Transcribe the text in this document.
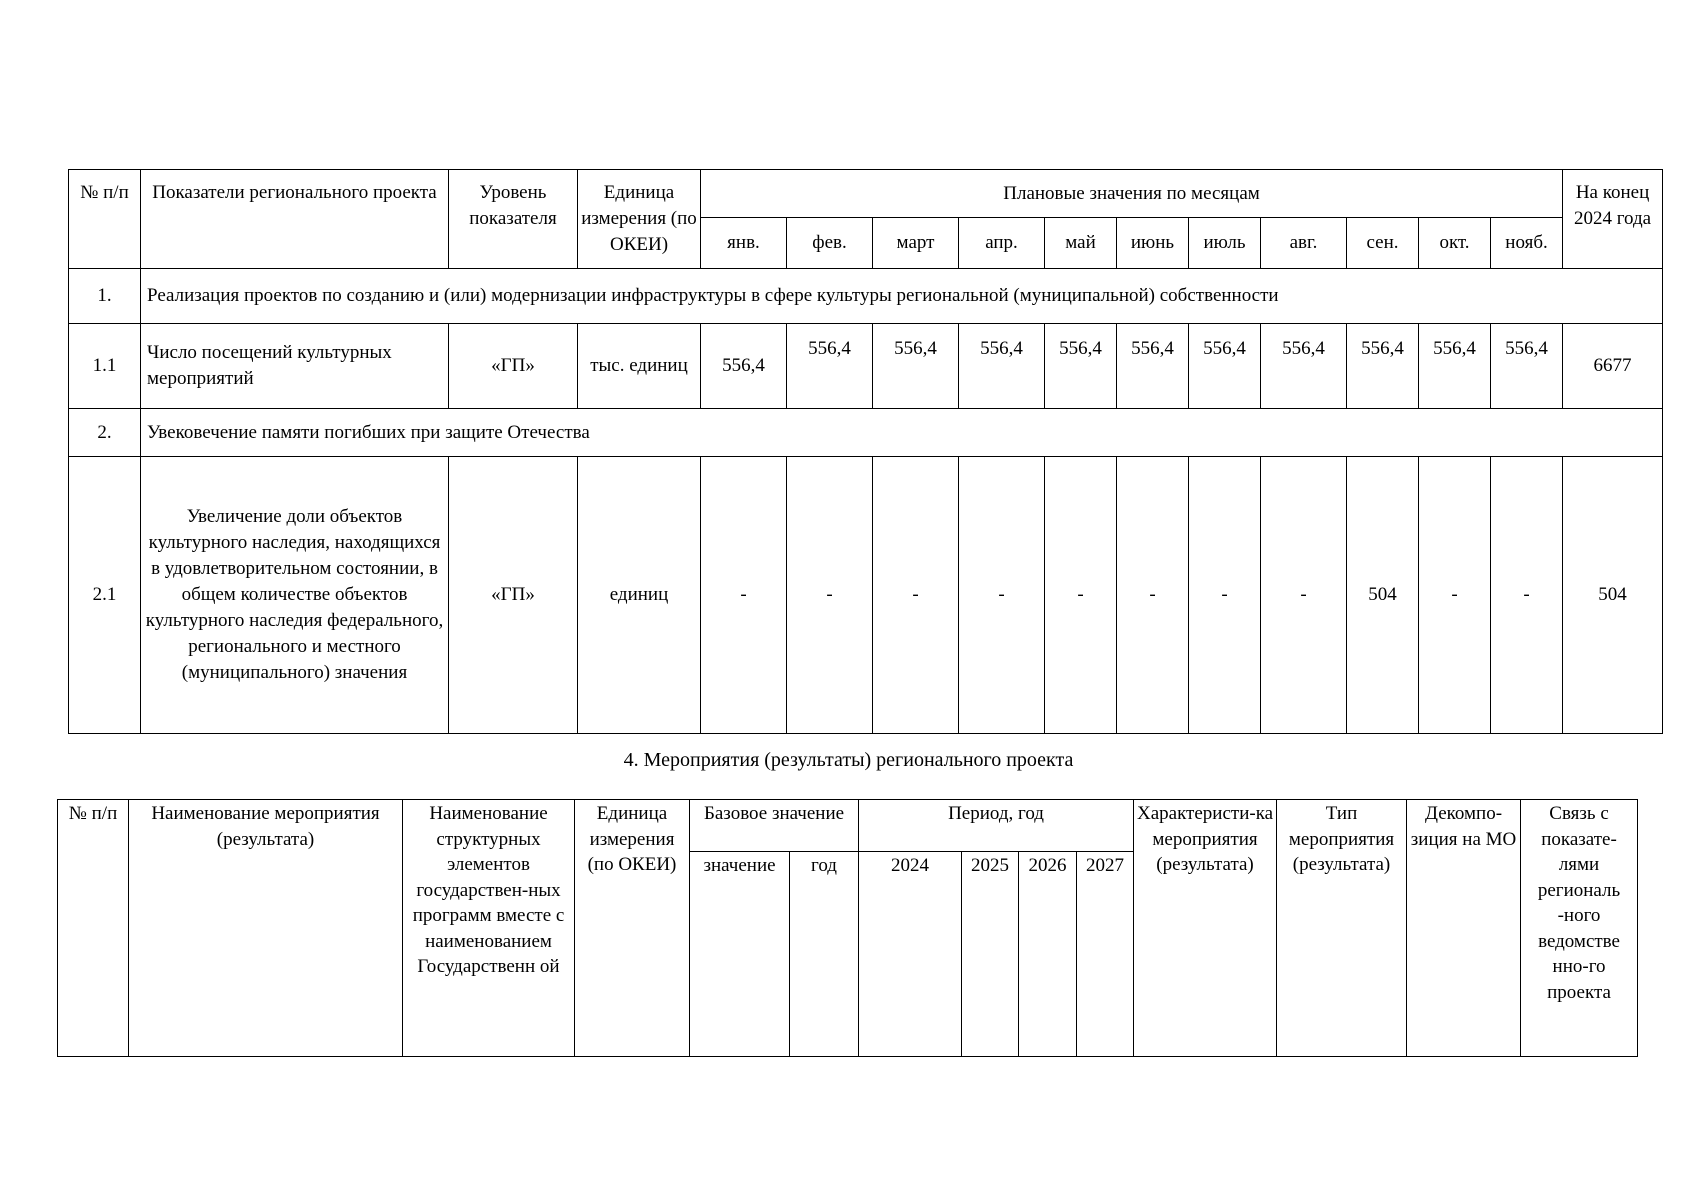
№ п/п	Показатели регионального проекта	Уровень показателя	Единица измерения (по ОКЕИ)	Плановые значения по месяцам											На конец 2024 года
				янв.	фев.	март	апр.	май	июнь	июль	авг.	сен.	окт.	нояб.	
1.	Реализация проектов по созданию и (или) модернизации инфраструктуры в сфере культуры региональной (муниципальной) собственности														
1.1	Число посещений культурных мероприятий	«ГП»	тыс. единиц	556,4	556,4	556,4	556,4	556,4	556,4	556,4	556,4	556,4	556,4	556,4	6677
2.	Увековечение памяти погибших при защите Отечества														
2.1	Увеличение доли объектов культурного наследия, находящихся в удовлетворительном состоянии, в общем количестве объектов культурного наследия федерального, регионального и местного (муниципального) значения	«ГП»	единиц	-	-	-	-	-	-	-	-	504	-	-	504
4. Мероприятия (результаты) регионального проекта
№ п/п	Наименование мероприятия (результата)	Наименование структурных элементов государствен-ных программ вместе с наименованием Государственн ой	Единица измерения (по ОКЕИ)	Базовое значение		Период, год				Характеристи-ка мероприятия (результата)	Тип мероприятия (результата)	Декомпо-зиция на МО	Связь с показате-лями региональ -ного ведомстве нно-го проекта
				значение	год	2024	2025	2026	2027				
